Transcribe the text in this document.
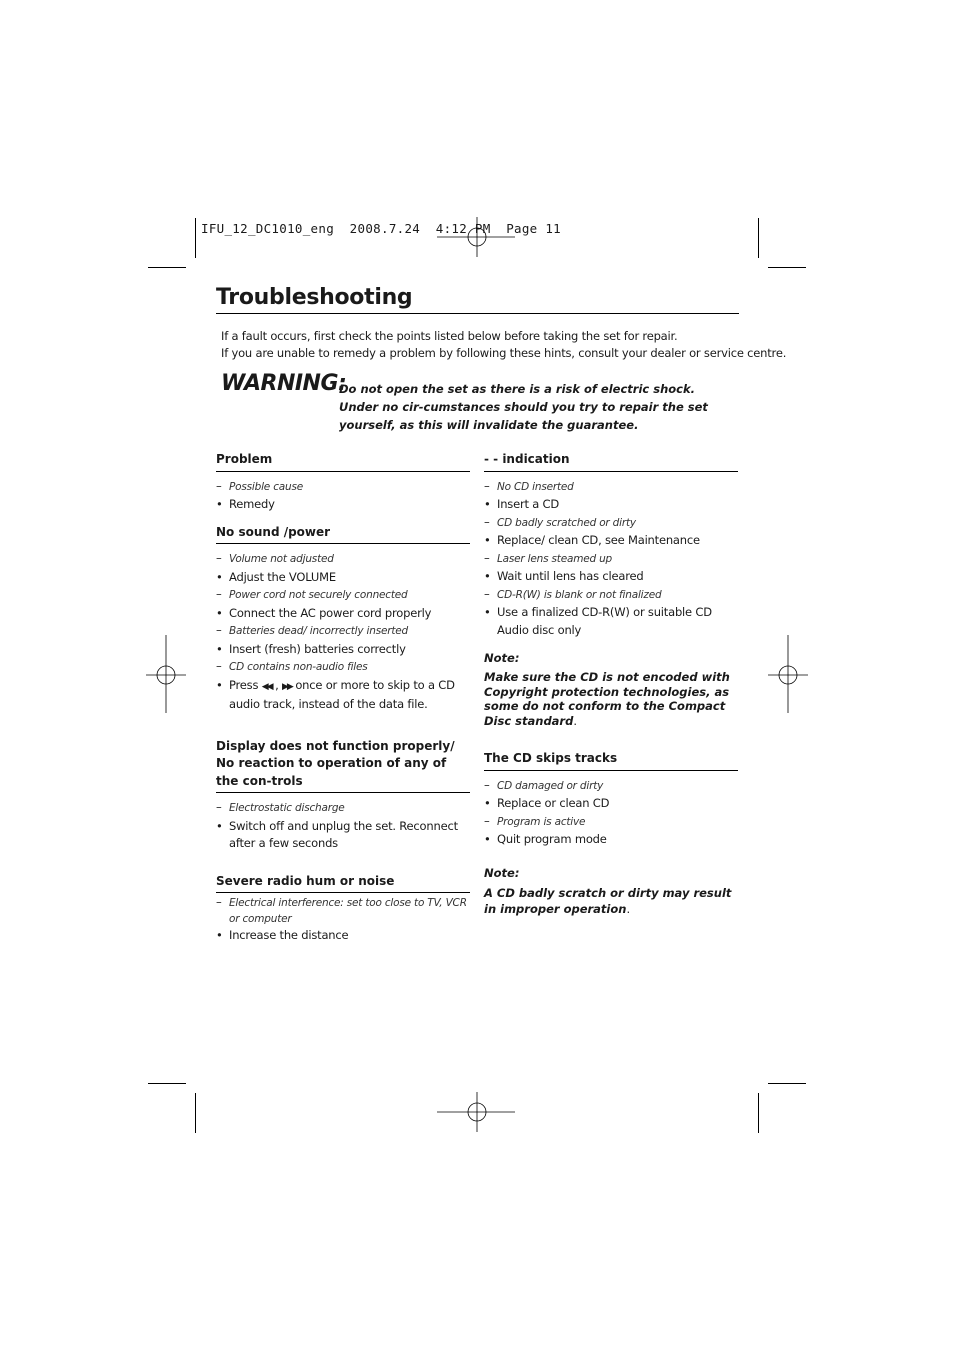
IFU_12_DC1010_eng  2008.7.24  4:12 PM  Page 11
Troubleshooting
If a fault occurs, first check the points listed below before taking the set for repair.
If you are unable to remedy a problem by following these hints, consult your dealer or service centre.
WARNING:
Do not open the set as there is a risk of electric shock. Under no cir-cumstances should you try to repair the set yourself, as this will invalidate the guarantee.
Problem
– Possible cause
• Remedy
No sound /power
– Volume not adjusted
• Adjust the VOLUME
– Power cord not securely connected
• Connect the AC power cord properly
– Batteries dead/ incorrectly inserted
• Insert (fresh) batteries correctly
– CD contains non-audio files
• Press ◀◀ , ▶▶ once or more to skip to a CD audio track, instead of the data file.
Display does not function properly/ No reaction to operation of any of the con-trols
– Electrostatic discharge
• Switch off and unplug the set. Reconnect after a few seconds
Severe radio hum or noise
– Electrical interference: set too close to TV, VCR or computer
• Increase the distance
- - indication
– No CD inserted
• Insert a CD
– CD badly scratched or dirty
• Replace/ clean CD, see Maintenance
– Laser lens steamed up
• Wait until lens has cleared
– CD-R(W) is blank or not finalized
• Use a finalized CD-R(W) or suitable CD Audio disc only
Note:
Make sure the CD is not encoded with Copyright protection technologies, as some do not conform to the Compact Disc standard.
The CD skips tracks
– CD damaged or dirty
• Replace or clean CD
– Program is active
• Quit program mode
Note:
A CD badly scratch or dirty may result in improper operation.
